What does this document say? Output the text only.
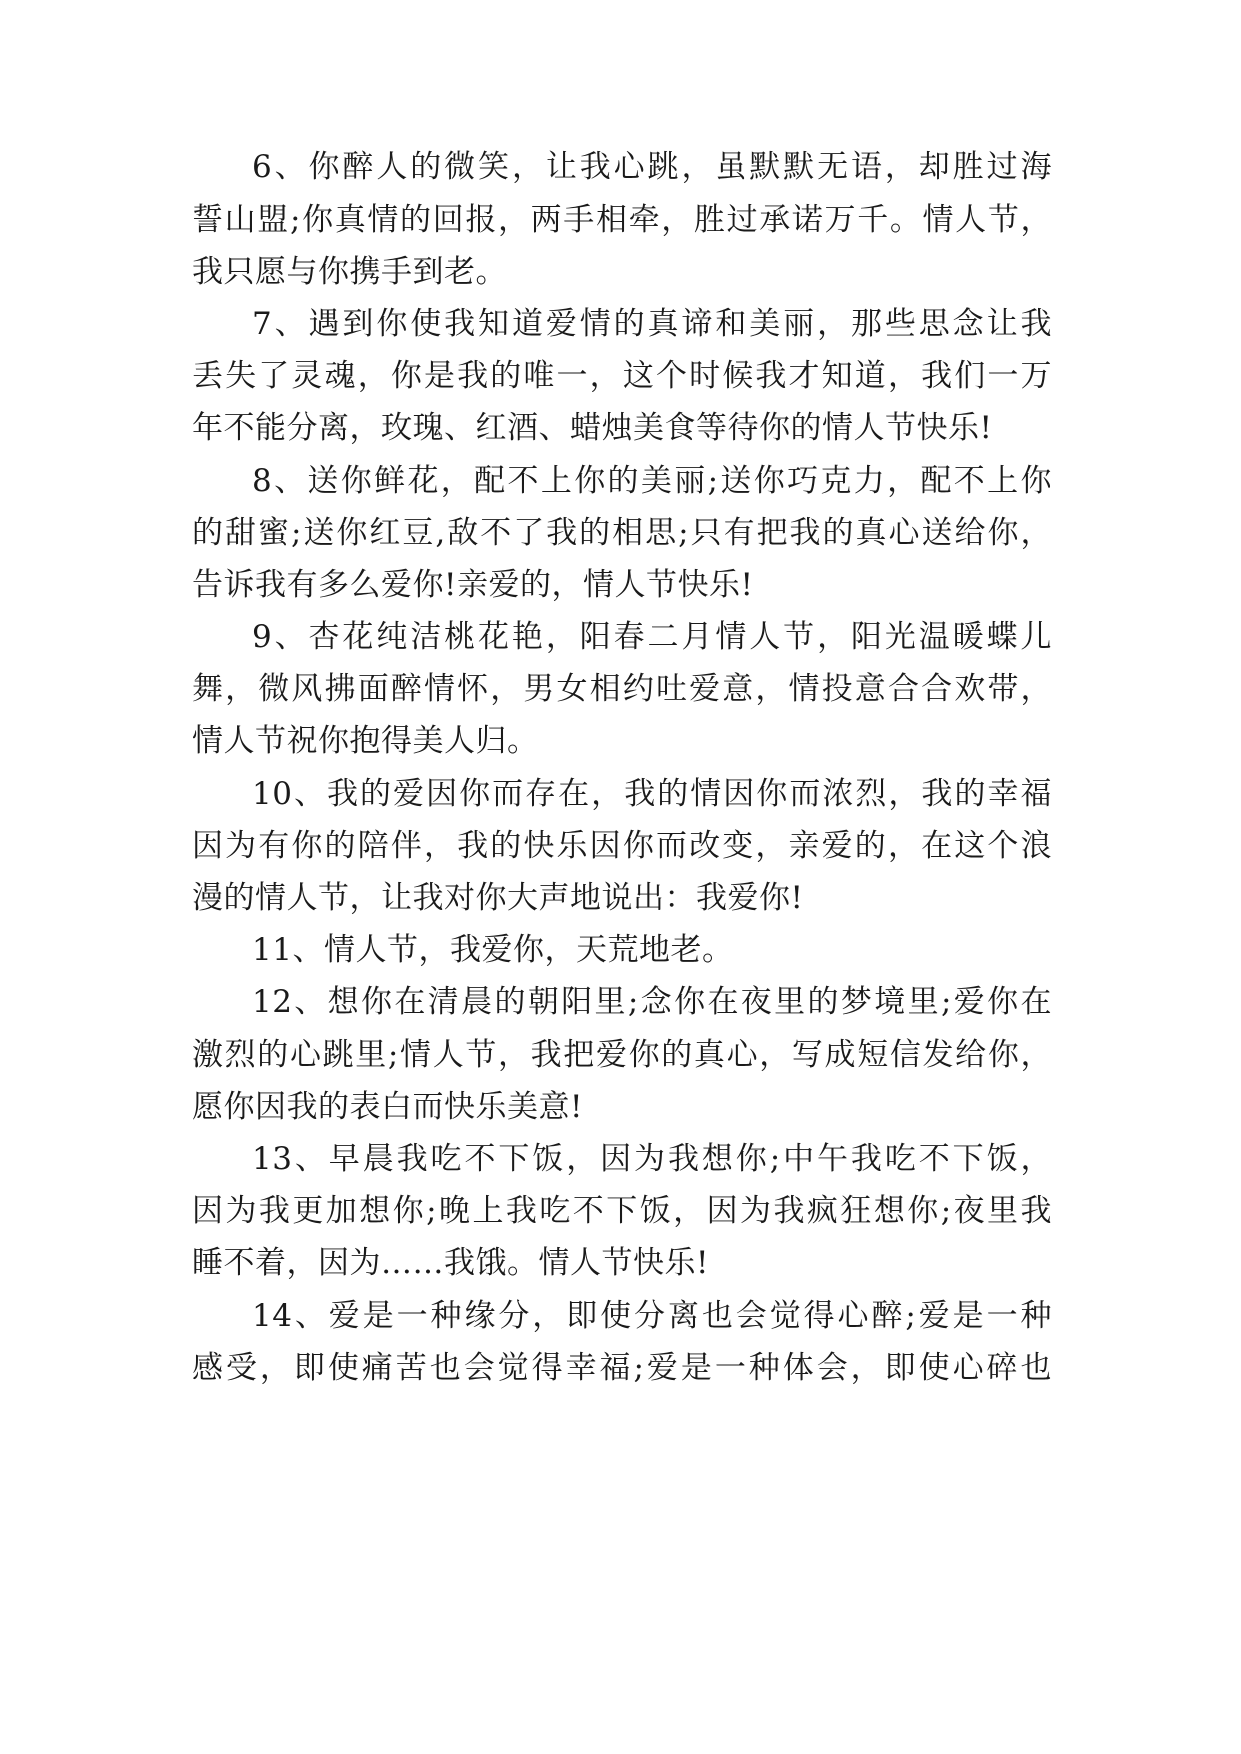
6、你醉人的微笑，让我心跳，虽默默无语，却胜过海
誓山盟;你真情的回报，两手相牵，胜过承诺万千。情人节，
我只愿与你携手到老。
7、遇到你使我知道爱情的真谛和美丽，那些思念让我
丢失了灵魂，你是我的唯一，这个时候我才知道，我们一万
年不能分离，玫瑰、红酒、蜡烛美食等待你的情人节快乐!
8、送你鲜花，配不上你的美丽;送你巧克力，配不上你
的甜蜜;送你红豆,敌不了我的相思;只有把我的真心送给你，
告诉我有多么爱你!亲爱的，情人节快乐!
9、杏花纯洁桃花艳，阳春二月情人节，阳光温暖蝶儿
舞，微风拂面醉情怀，男女相约吐爱意，情投意合合欢带，
情人节祝你抱得美人归。
10、我的爱因你而存在，我的情因你而浓烈，我的幸福
因为有你的陪伴，我的快乐因你而改变，亲爱的，在这个浪
漫的情人节，让我对你大声地说出：我爱你!
11、情人节，我爱你，天荒地老。
12、想你在清晨的朝阳里;念你在夜里的梦境里;爱你在
激烈的心跳里;情人节，我把爱你的真心，写成短信发给你，
愿你因我的表白而快乐美意!
13、早晨我吃不下饭，因为我想你;中午我吃不下饭，
因为我更加想你;晚上我吃不下饭，因为我疯狂想你;夜里我
睡不着，因为……我饿。情人节快乐!
14、爱是一种缘分，即使分离也会觉得心醉;爱是一种
感受，即使痛苦也会觉得幸福;爱是一种体会，即使心碎也
